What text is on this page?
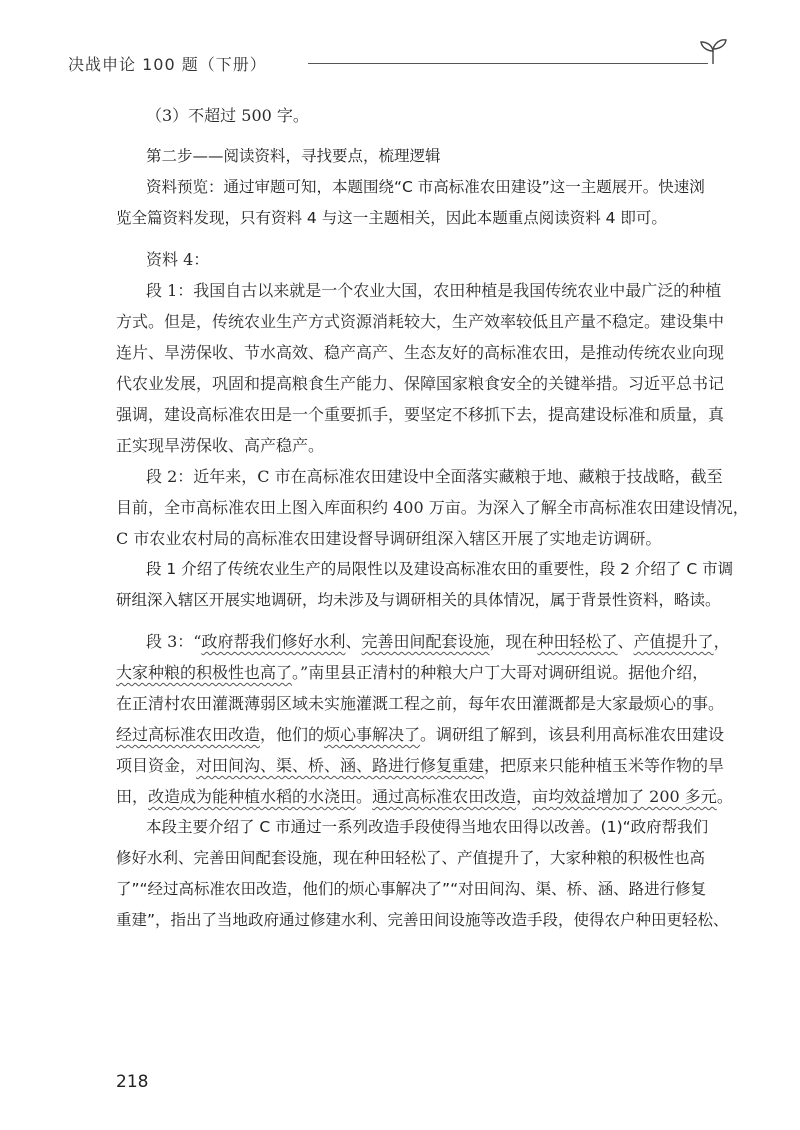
决战申论 100 题（下册）
（3）不超过 500 字。
第二步——阅读资料，寻找要点，梳理逻辑
资料预览：通过审题可知，本题围绕“C 市高标准农田建设”这一主题展开。快速浏
览全篇资料发现，只有资料 4 与这一主题相关，因此本题重点阅读资料 4 即可。
资料 4：
段 1：我国自古以来就是一个农业大国，农田种植是我国传统农业中最广泛的种植
方式。但是，传统农业生产方式资源消耗较大，生产效率较低且产量不稳定。建设集中
连片、旱涝保收、节水高效、稳产高产、生态友好的高标准农田，是推动传统农业向现
代农业发展，巩固和提高粮食生产能力、保障国家粮食安全的关键举措。习近平总书记
强调，建设高标准农田是一个重要抓手，要坚定不移抓下去，提高建设标准和质量，真
正实现旱涝保收、高产稳产。
段 2：近年来，C 市在高标准农田建设中全面落实藏粮于地、藏粮于技战略，截至
目前，全市高标准农田上图入库面积约 400 万亩。为深入了解全市高标准农田建设情况，
C 市农业农村局的高标准农田建设督导调研组深入辖区开展了实地走访调研。
段 1 介绍了传统农业生产的局限性以及建设高标准农田的重要性，段 2 介绍了 C 市调
研组深入辖区开展实地调研，均未涉及与调研相关的具体情况，属于背景性资料，略读。
段 3：“政府帮我们修好水利、完善田间配套设施，现在种田轻松了、产值提升了，
大家种粮的积极性也高了。”南里县正清村的种粮大户丁大哥对调研组说。据他介绍，
在正清村农田灌溉薄弱区域未实施灌溉工程之前，每年农田灌溉都是大家最烦心的事。
经过高标准农田改造，他们的烦心事解决了。调研组了解到，该县利用高标准农田建设
项目资金，对田间沟、渠、桥、涵、路进行修复重建，把原来只能种植玉米等作物的旱
田，改造成为能种植水稻的水浇田。通过高标准农田改造，亩均效益增加了 200 多元。
本段主要介绍了 C 市通过一系列改造手段使得当地农田得以改善。(1)“政府帮我们
修好水利、完善田间配套设施，现在种田轻松了、产值提升了，大家种粮的积极性也高
了”“经过高标准农田改造，他们的烦心事解决了”“对田间沟、渠、桥、涵、路进行修复
重建”，指出了当地政府通过修建水利、完善田间设施等改造手段，使得农户种田更轻松、
218
